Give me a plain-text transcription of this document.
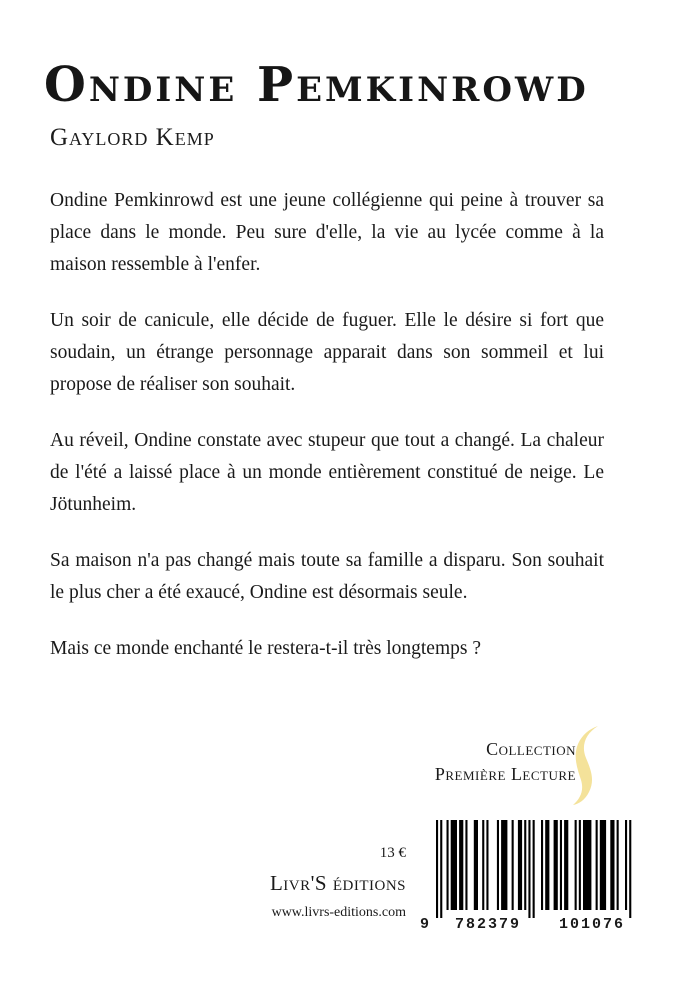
Ondine Pemkinrowd
Gaylord Kemp

Ondine Pemkinrowd est une jeune collégienne qui peine à trouver sa place dans le monde. Peu sure d'elle, la vie au lycée comme à la maison ressemble à l'enfer.

Un soir de canicule, elle décide de fuguer. Elle le désire si fort que soudain, un étrange personnage apparait dans son sommeil et lui propose de réaliser son souhait.

Au réveil, Ondine constate avec stupeur que tout a changé. La chaleur de l'été a laissé place à un monde entièrement constitué de neige. Le Jötunheim.

Sa maison n'a pas changé mais toute sa famille a disparu. Son souhait le plus cher a été exaucé, Ondine est désormais seule.

Mais ce monde enchanté le restera-t-il très longtemps ?

Collection
Première Lecture
13 €
Livr'S éditions
www.livrs-editions.com
9 782379	101076
